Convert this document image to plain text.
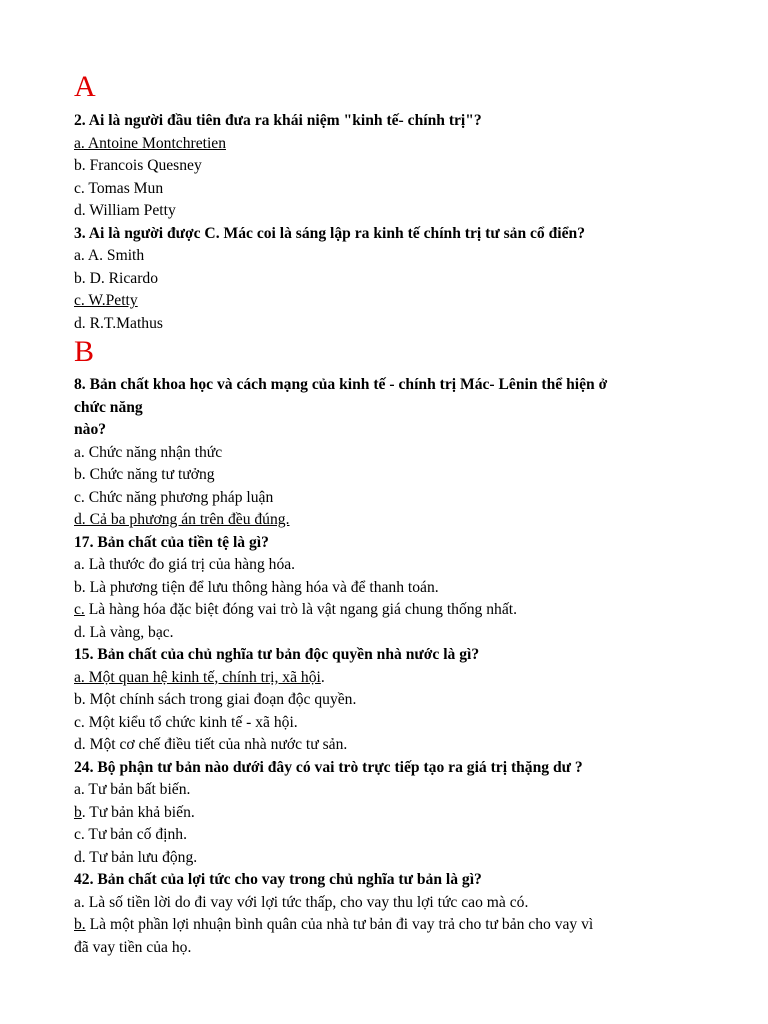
A
2. Ai là người đầu tiên đưa ra khái niệm "kinh tế- chính trị"?
a. Antoine Montchretien
b. Francois Quesney
c. Tomas Mun
d. William Petty
3. Ai là người được C. Mác coi là sáng lập ra kinh tế chính trị tư sản cổ điển?
a. A. Smith
b. D. Ricardo
c. W.Petty
d. R.T.Mathus
B
8. Bản chất khoa học và cách mạng của kinh tế - chính trị Mác- Lênin thể hiện ở
chức năng
nào?
a. Chức năng nhận thức
b. Chức năng tư tưởng
c. Chức năng phương pháp luận
d. Cả ba phương án trên đều đúng.
17. Bản chất của tiền tệ là gì?
a. Là thước đo giá trị của hàng hóa.
b. Là phương tiện để lưu thông hàng hóa và để thanh toán.
c. Là hàng hóa đặc biệt đóng vai trò là vật ngang giá chung thống nhất.
d. Là vàng, bạc.
15. Bản chất của chủ nghĩa tư bản độc quyền nhà nước là gì?
a. Một quan hệ kinh tế, chính trị, xã hội.
b. Một chính sách trong giai đoạn độc quyền.
c. Một kiểu tổ chức kinh tế - xã hội.
d. Một cơ chế điều tiết của nhà nước tư sản.
24. Bộ phận tư bản nào dưới đây có vai trò trực tiếp tạo ra giá trị thặng dư ?
a. Tư bản bất biến.
b. Tư bản khả biến.
c. Tư bản cố định.
d. Tư bản lưu động.
42. Bản chất của lợi tức cho vay trong chủ nghĩa tư bản là gì?
a. Là số tiền lời do đi vay với lợi tức thấp, cho vay thu lợi tức cao mà có.
b. Là một phần lợi nhuận bình quân của nhà tư bản đi vay trả cho tư bản cho vay vì
đã vay tiền của họ.
